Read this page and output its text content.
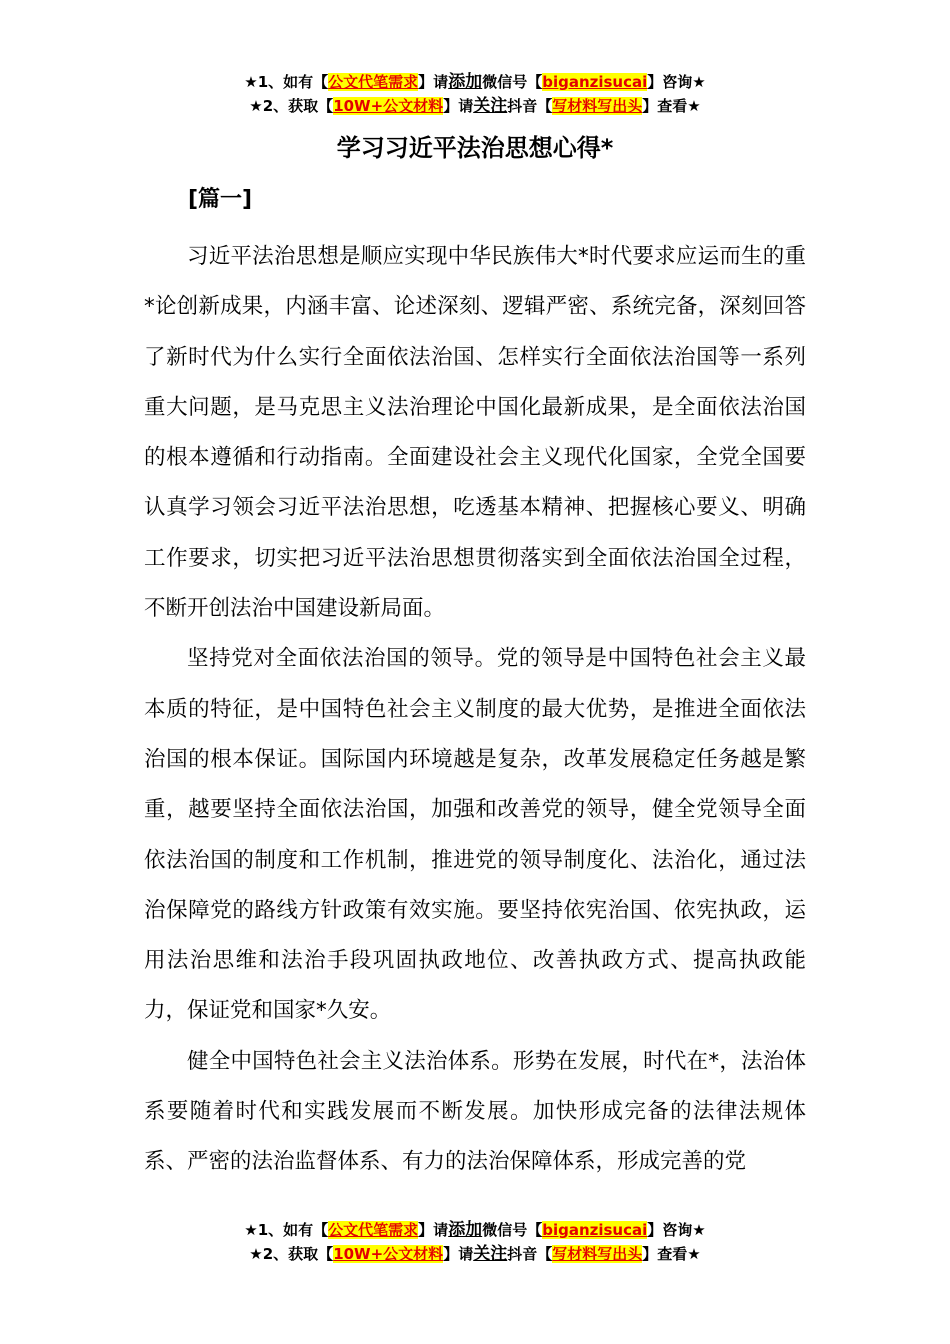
★1、如有【公文代笔需求】请添加微信号【biganzisucai】咨询★
★2、获取【10W+公文材料】请关注抖音【写材料写出头】查看★
学习习近平法治思想心得*
[篇一]

习近平法治思想是顺应实现中华民族伟大*时代要求应运而生的重*论创新成果，内涵丰富、论述深刻、逻辑严密、系统完备，深刻回答了新时代为什么实行全面依法治国、怎样实行全面依法治国等一系列重大问题，是马克思主义法治理论中国化最新成果，是全面依法治国的根本遵循和行动指南。全面建设社会主义现代化国家，全党全国要认真学习领会习近平法治思想，吃透基本精神、把握核心要义、明确工作要求，切实把习近平法治思想贯彻落实到全面依法治国全过程，不断开创法治中国建设新局面。

坚持党对全面依法治国的领导。党的领导是中国特色社会主义最本质的特征，是中国特色社会主义制度的最大优势，是推进全面依法治国的根本保证。国际国内环境越是复杂，改革发展稳定任务越是繁重，越要坚持全面依法治国，加强和改善党的领导，健全党领导全面依法治国的制度和工作机制，推进党的领导制度化、法治化，通过法治保障党的路线方针政策有效实施。要坚持依宪治国、依宪执政，运用法治思维和法治手段巩固执政地位、改善执政方式、提高执政能力，保证党和国家*久安。

健全中国特色社会主义法治体系。形势在发展，时代在*，法治体系要随着时代和实践发展而不断发展。加快形成完备的法律法规体系、严密的法治监督体系、有力的法治保障体系，形成完善的党

★1、如有【公文代笔需求】请添加微信号【biganzisucai】咨询★
★2、获取【10W+公文材料】请关注抖音【写材料写出头】查看★
